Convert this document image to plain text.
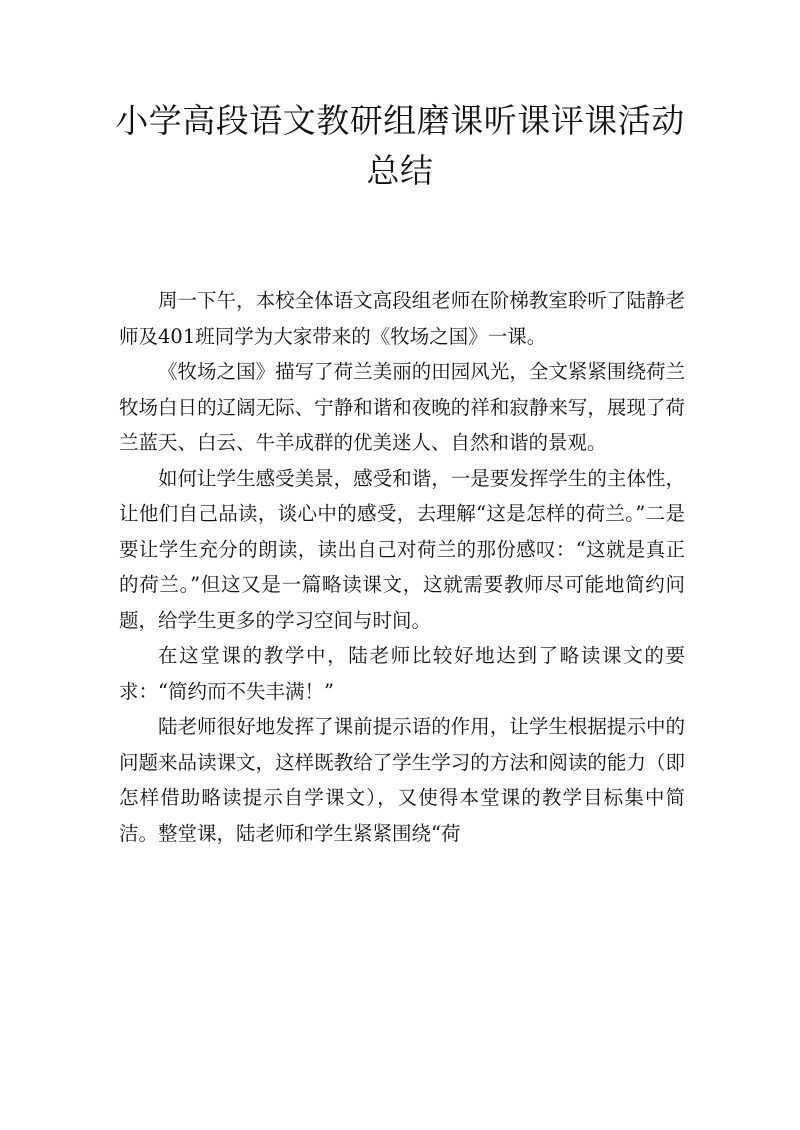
小学高段语文教研组磨课听课评课活动
总结

周一下午，本校全体语文高段组老师在阶梯教室聆听了陆静老师及401班同学为大家带来的《牧场之国》一课。

《牧场之国》描写了荷兰美丽的田园风光，全文紧紧围绕荷兰牧场白日的辽阔无际、宁静和谐和夜晚的祥和寂静来写，展现了荷兰蓝天、白云、牛羊成群的优美迷人、自然和谐的景观。

如何让学生感受美景，感受和谐，一是要发挥学生的主体性，让他们自己品读，谈心中的感受，去理解“这是怎样的荷兰。”二是要让学生充分的朗读，读出自己对荷兰的那份感叹：“这就是真正的荷兰。”但这又是一篇略读课文，这就需要教师尽可能地简约问题，给学生更多的学习空间与时间。

在这堂课的教学中，陆老师比较好地达到了略读课文的要求：“简约而不失丰满！”

陆老师很好地发挥了课前提示语的作用，让学生根据提示中的问题来品读课文，这样既教给了学生学习的方法和阅读的能力（即怎样借助略读提示自学课文），又使得本堂课的教学目标集中简洁。整堂课，陆老师和学生紧紧围绕“荷
